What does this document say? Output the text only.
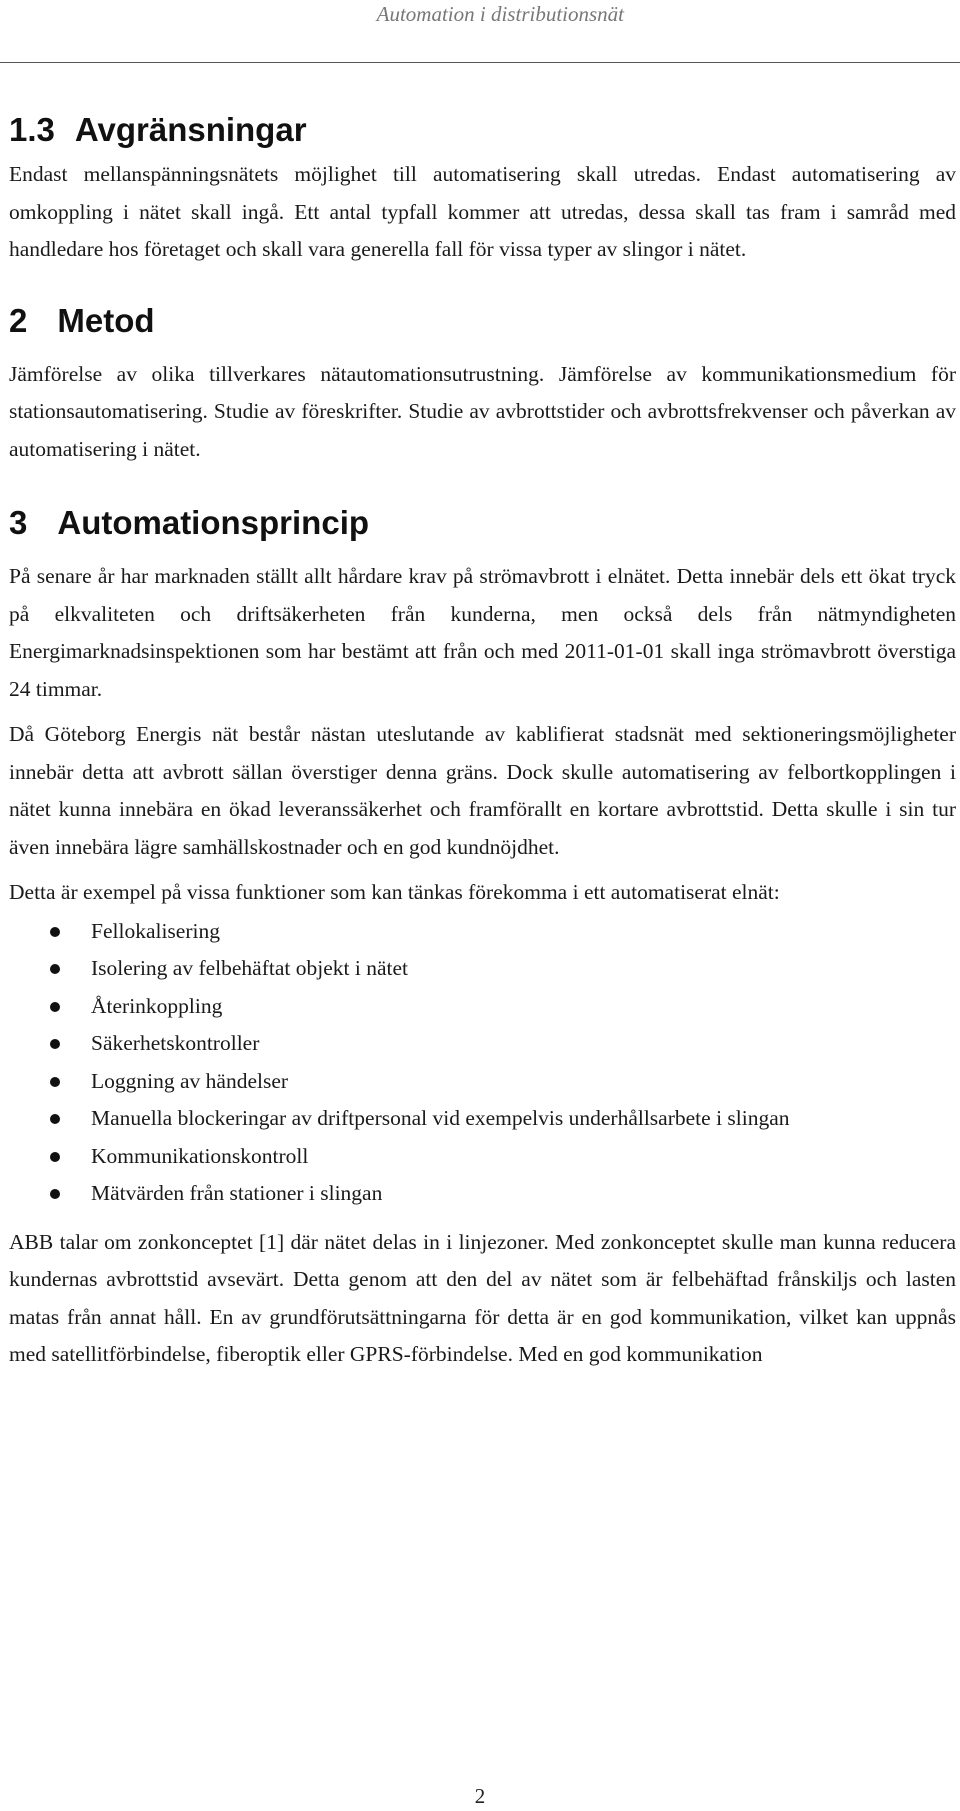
Automation i distributionsnät
1.3 Avgränsningar

Endast mellanspänningsnätets möjlighet till automatisering skall utredas. Endast automatisering av omkoppling i nätet skall ingå. Ett antal typfall kommer att utredas, dessa skall tas fram i samråd med handledare hos företaget och skall vara generella fall för vissa typer av slingor i nätet.

2 Metod

Jämförelse av olika tillverkares nätautomationsutrustning. Jämförelse av kommunikationsmedium för stationsautomatisering. Studie av föreskrifter. Studie av avbrottstider och avbrottsfrekvenser och påverkan av automatisering i nätet.

3 Automationsprincip

På senare år har marknaden ställt allt hårdare krav på strömavbrott i elnätet. Detta innebär dels ett ökat tryck på elkvaliteten och driftsäkerheten från kunderna, men också dels från nätmyndigheten Energimarknadsinspektionen som har bestämt att från och med 2011-01-01 skall inga strömavbrott överstiga 24 timmar.

Då Göteborg Energis nät består nästan uteslutande av kablifierat stadsnät med sektioneringsmöjligheter innebär detta att avbrott sällan överstiger denna gräns. Dock skulle automatisering av felbortkopplingen i nätet kunna innebära en ökad leveranssäkerhet och framförallt en kortare avbrottstid. Detta skulle i sin tur även innebära lägre samhällskostnader och en god kundnöjdhet.

Detta är exempel på vissa funktioner som kan tänkas förekomma i ett automatiserat elnät:

Fellokalisering
Isolering av felbehäftat objekt i nätet
Återinkoppling
Säkerhetskontroller
Loggning av händelser
Manuella blockeringar av driftpersonal vid exempelvis underhållsarbete i slingan
Kommunikationskontroll
Mätvärden från stationer i slingan

ABB talar om zonkonceptet [1] där nätet delas in i linjezoner. Med zonkonceptet skulle man kunna reducera kundernas avbrottstid avsevärt. Detta genom att den del av nätet som är felbehäftad frånskiljs och lasten matas från annat håll. En av grundförutsättningarna för detta är en god kommunikation, vilket kan uppnås med satellitförbindelse, fiberoptik eller GPRS-förbindelse. Med en god kommunikation

2
